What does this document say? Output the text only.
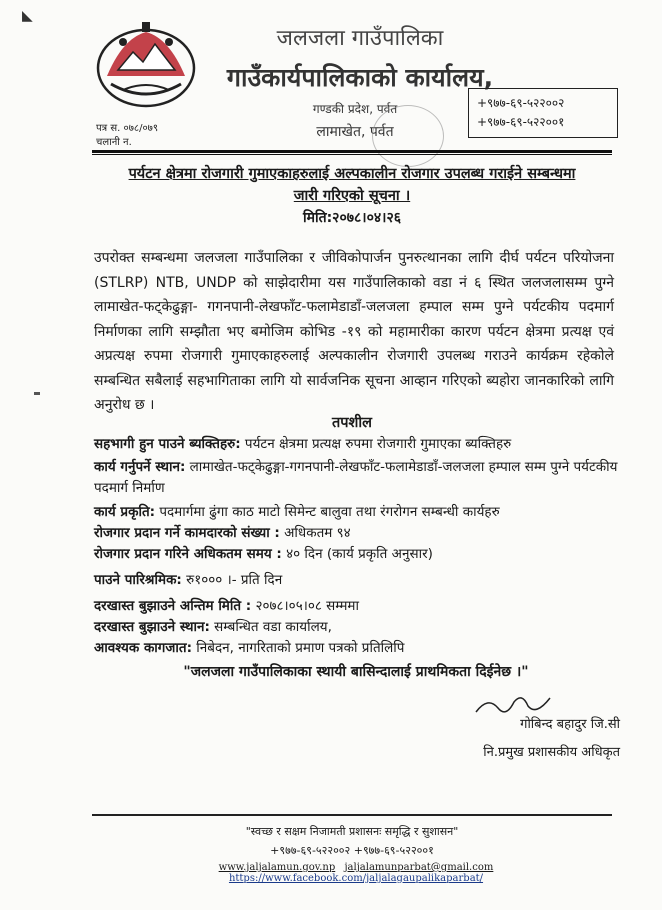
◣
जलजला गाउँपालिका
गाउँकार्यपालिकाको कार्यालय,
गण्डकी प्रदेश, पर्वत
लामाखेत, पर्वत
+९७७-६९-५२२००२
+९७७-६९-५२२००१
पत्र स. ०७८/०७९
चलानी न.
पर्यटन क्षेत्रमा रोजगारी गुमाएकाहरुलाई अल्पकालीन रोजगार उपलब्ध गराईने सम्बन्धमा
जारी गरिएको सूचना ।
मिति:२०७८।०४।२६
उपरोक्त सम्बन्धमा जलजला गाउँपालिका र जीविकोपार्जन पुनरुत्थानका लागि दीर्घ पर्यटन परियोजना (STLRP) NTB, UNDP को साझेदारीमा यस गाउँपालिकाको वडा नं ६ स्थित जलजलासम्म पुग्ने लामाखेत-फट्केढुङ्गा- गगनपानी-लेखफाँट-फलामेडाडाँ-जलजला हम्पाल सम्म पुग्ने पर्यटकीय पदमार्ग निर्माणका लागि सम्झौता भए बमोजिम कोभिड -१९ को महामारीका कारण पर्यटन क्षेत्रमा प्रत्यक्ष एवं अप्रत्यक्ष रुपमा रोजगारी गुमाएकाहरुलाई अल्पकालीन रोजगारी उपलब्ध गराउने कार्यक्रम रहेकोले सम्बन्धित सबैलाई सहभागिताका लागि यो सार्वजनिक सूचना आव्हान गरिएको ब्यहोरा जानकारिको लागि अनुरोध छ ।
तपशील
सहभागी हुन पाउने ब्यक्तिहरु: पर्यटन क्षेत्रमा प्रत्यक्ष रुपमा रोजगारी गुमाएका ब्यक्तिहरु
कार्य गर्नुपर्ने स्थान: लामाखेत-फट्केढुङ्गा-गगनपानी-लेखफाँट-फलामेडाडाँ-जलजला हम्पाल सम्म पुग्ने पर्यटकीय पदमार्ग निर्माण
कार्य प्रकृति: पदमार्गमा ढुंगा काठ माटो सिमेन्ट बालुवा तथा रंगरोगन सम्बन्धी कार्यहरु
रोजगार प्रदान गर्ने कामदारको संख्या : अधिकतम ९४
रोजगार प्रदान गरिने अधिकतम समय : ४० दिन (कार्य प्रकृति अनुसार)
पाउने पारिश्रमिक: रु१००० ।- प्रति दिन
दरखास्त बुझाउने अन्तिम मिति : २०७८।०५।०८ सम्ममा
दरखास्त बुझाउने स्थान: सम्बन्धित वडा कार्यालय,
आवश्यक कागजात: निबेदन, नागरिताको प्रमाण पत्रको प्रतिलिपि
"जलजला गाउँपालिकाका स्थायी बासिन्दालाई प्राथमिकता दिईनेछ ।"
गोबिन्द बहादुर जि.सी
नि.प्रमुख प्रशासकीय अधिकृत
"स्वच्छ र सक्षम निजामती प्रशासनः समृद्धि र सुशासन"
+९७७-६९-५२२००२ +९७७-६९-५२२००१
www.jaljalamun.gov.np jaljalamunparbat@gmail.com https://www.facebook.com/jaljalagaupalikaparbat/
